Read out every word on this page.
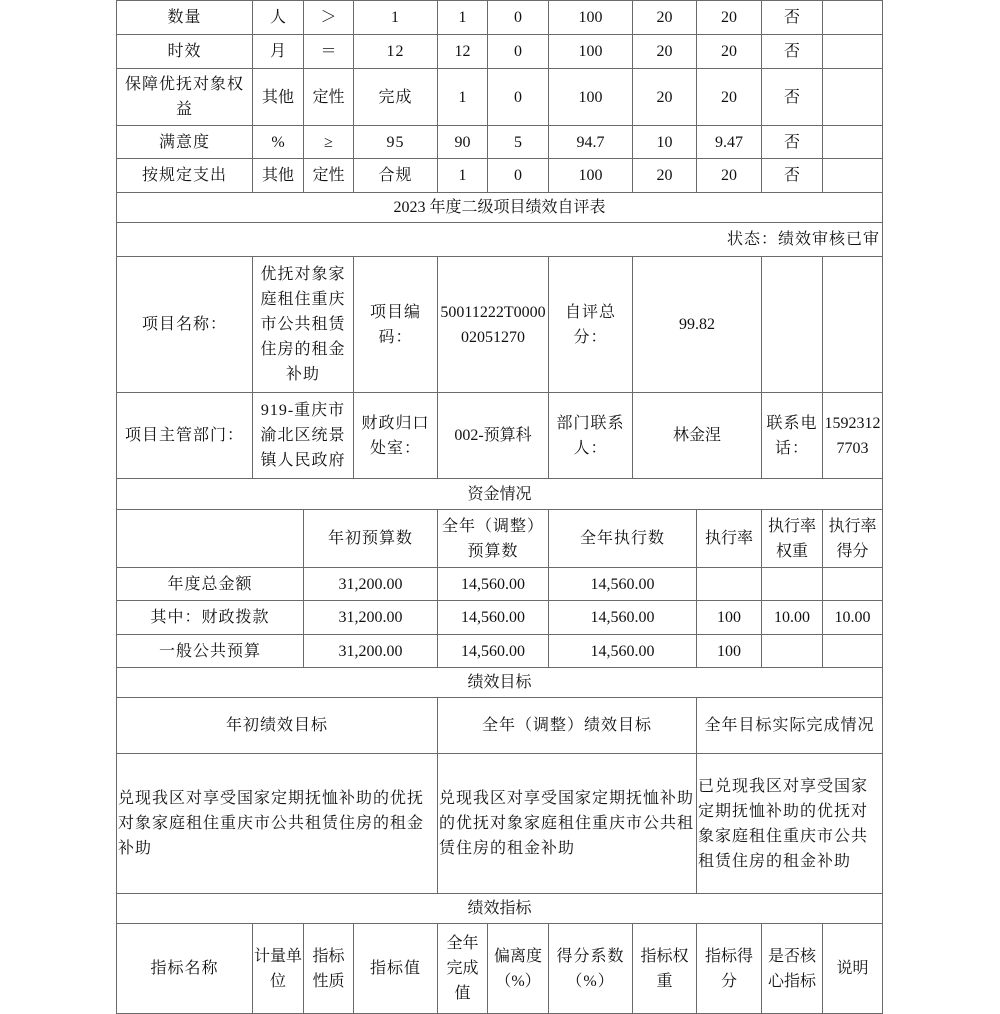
数量	人	＞	1	1	0	100	20	20	否	
时效	月	＝	12	12	0	100	20	20	否	
保障优抚对象权益	其他	定性	完成	1	0	100	20	20	否	
满意度	%	≥	95	90	5	94.7	10	9.47	否	
按规定支出	其他	定性	合规	1	0	100	20	20	否	
2023 年度二级项目绩效自评表										
状态：绩效审核已审										
项目名称：	优抚对象家庭租住重庆市公共租赁住房的租金补助		项目编码：	50011222T000002051270		自评总分：	99.82			
项目主管部门：	919-重庆市渝北区统景镇人民政府		财政归口处室：	002-预算科		部门联系人：	林金涅		联系电话：	15923127703
资金情况										
		年初预算数		全年（调整）预算数		全年执行数		执行率	执行率权重	执行率得分
年度总金额		31,200.00		14,560.00		14,560.00				
其中：财政拨款		31,200.00		14,560.00		14,560.00		100	10.00	10.00
一般公共预算		31,200.00		14,560.00		14,560.00		100		
绩效目标										
年初绩效目标				全年（调整）绩效目标				全年目标实际完成情况		
兑现我区对享受国家定期抚恤补助的优抚对象家庭租住重庆市公共租赁住房的租金补助				兑现我区对享受国家定期抚恤补助的优抚对象家庭租住重庆市公共租赁住房的租金补助				已兑现我区对享受国家定期抚恤补助的优抚对象家庭租住重庆市公共租赁住房的租金补助		
绩效指标										
指标名称	计量单位	指标性质	指标值	全年完成值	偏离度（%）	得分系数（%）	指标权重	指标得分	是否核心指标	说明
